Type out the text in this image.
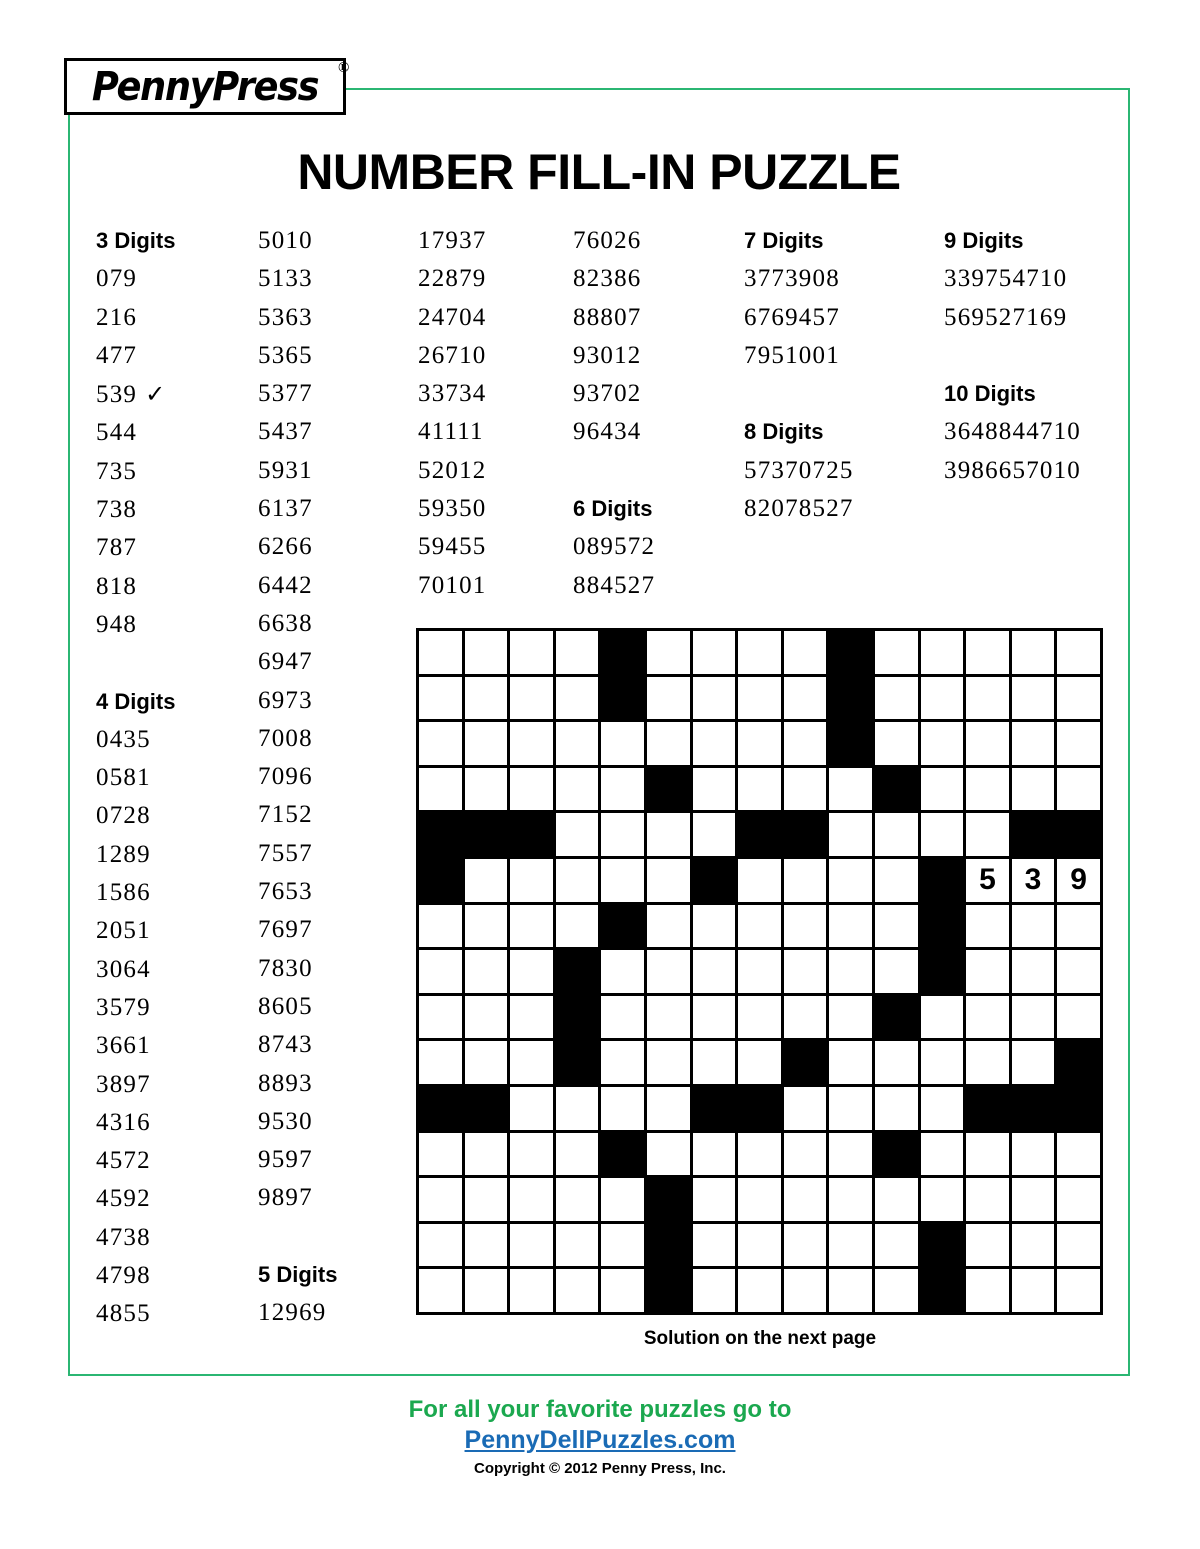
PennyPress	®
NUMBER FILL-IN PUZZLE
3 Digits
079
216
477
539 ✓
544
735
738
787
818
948
4 Digits
0435
0581
0728
1289
1586
2051
3064
3579
3661
3897
4316
4572
4592
4738
4798
4855
5010
5133
5363
5365
5377
5437
5931
6137
6266
6442
6638
6947
6973
7008
7096
7152
7557
7653
7697
7830
8605
8743
8893
9530
9597
9897
5 Digits
12969
17937
22879
24704
26710
33734
41111
52012
59350
59455
70101
76026
82386
88807
93012
93702
96434
6 Digits
089572
884527
7 Digits
3773908
6769457
7951001
8 Digits
57370725
82078527
9 Digits
339754710
569527169
10 Digits
3648844710
3986657010
5 3 9
Solution on the next page
For all your favorite puzzles go to
PennyDellPuzzles.com
Copyright © 2012 Penny Press, Inc.
